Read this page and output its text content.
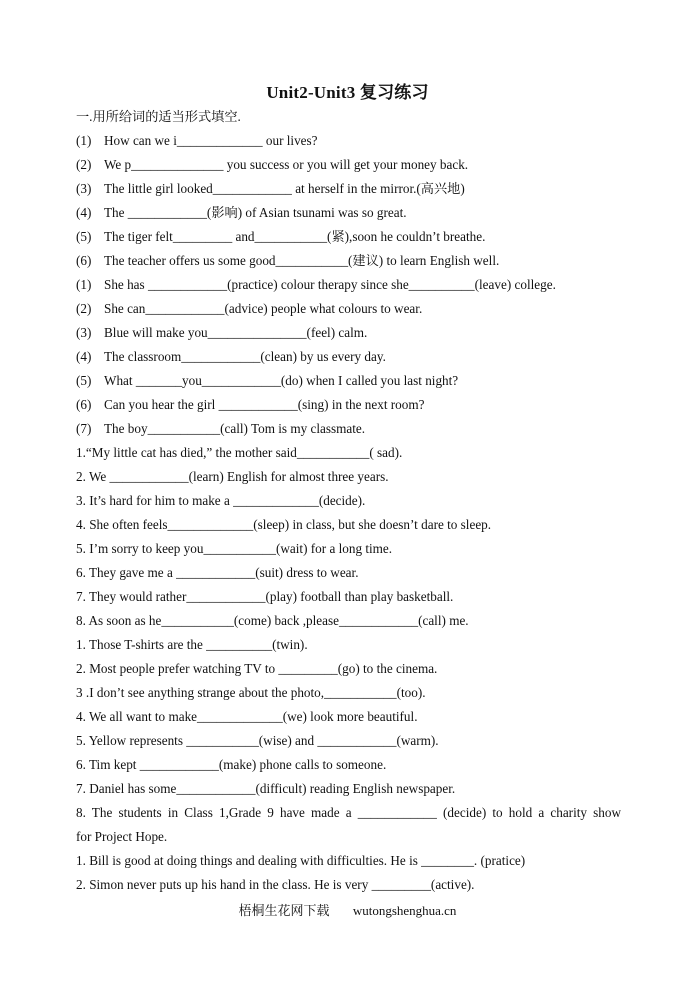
Unit2-Unit3 复习练习
一.用所给词的适当形式填空.
(1) How can we i_____________ our lives?
(2) We p______________ you success or you will get your money back.
(3) The little girl looked____________ at herself in the mirror.(高兴地)
(4) The ____________(影响) of Asian tsunami was so great.
(5) The tiger felt_________ and___________(紧),soon he couldn’t breathe.
(6) The teacher offers us some good___________(建议) to learn English well.
(1) She has ____________(practice) colour therapy since she__________(leave) college.
(2) She can____________(advice) people what colours to wear.
(3) Blue will make you_______________(feel) calm.
(4) The classroom____________(clean) by us every day.
(5) What _______you____________(do) when I called you last night?
(6) Can you hear the girl ____________(sing) in the next room?
(7) The boy___________(call) Tom is my classmate.
1.“My little cat has died,” the mother said___________( sad).
2. We ____________(learn) English for almost three years.
3. It’s hard for him to make a _____________(decide).
4. She often feels_____________(sleep) in class, but she doesn’t dare to sleep.
5. I’m sorry to keep you___________(wait) for a long time.
6. They gave me a ____________(suit) dress to wear.
7. They would rather____________(play) football than play basketball.
8. As soon as he___________(come) back ,please____________(call) me.
1. Those T-shirts are the __________(twin).
2. Most people prefer watching TV to _________(go) to the cinema.
3 .I don’t see anything strange about the photo,___________(too).
4. We all want to make_____________(we) look more beautiful.
5. Yellow represents ___________(wise) and ____________(warm).
6. Tim kept ____________(make) phone calls to someone.
7. Daniel has some____________(difficult) reading English newspaper.
8. The students in Class 1,Grade 9 have made a ____________ (decide) to hold a charity show
for Project Hope.
1. Bill is good at doing things and dealing with difficulties. He is ________. (pratice)
2. Simon never puts up his hand in the class. He is very _________(active).
梧桐生花网下载 wutongshenghua.cn
